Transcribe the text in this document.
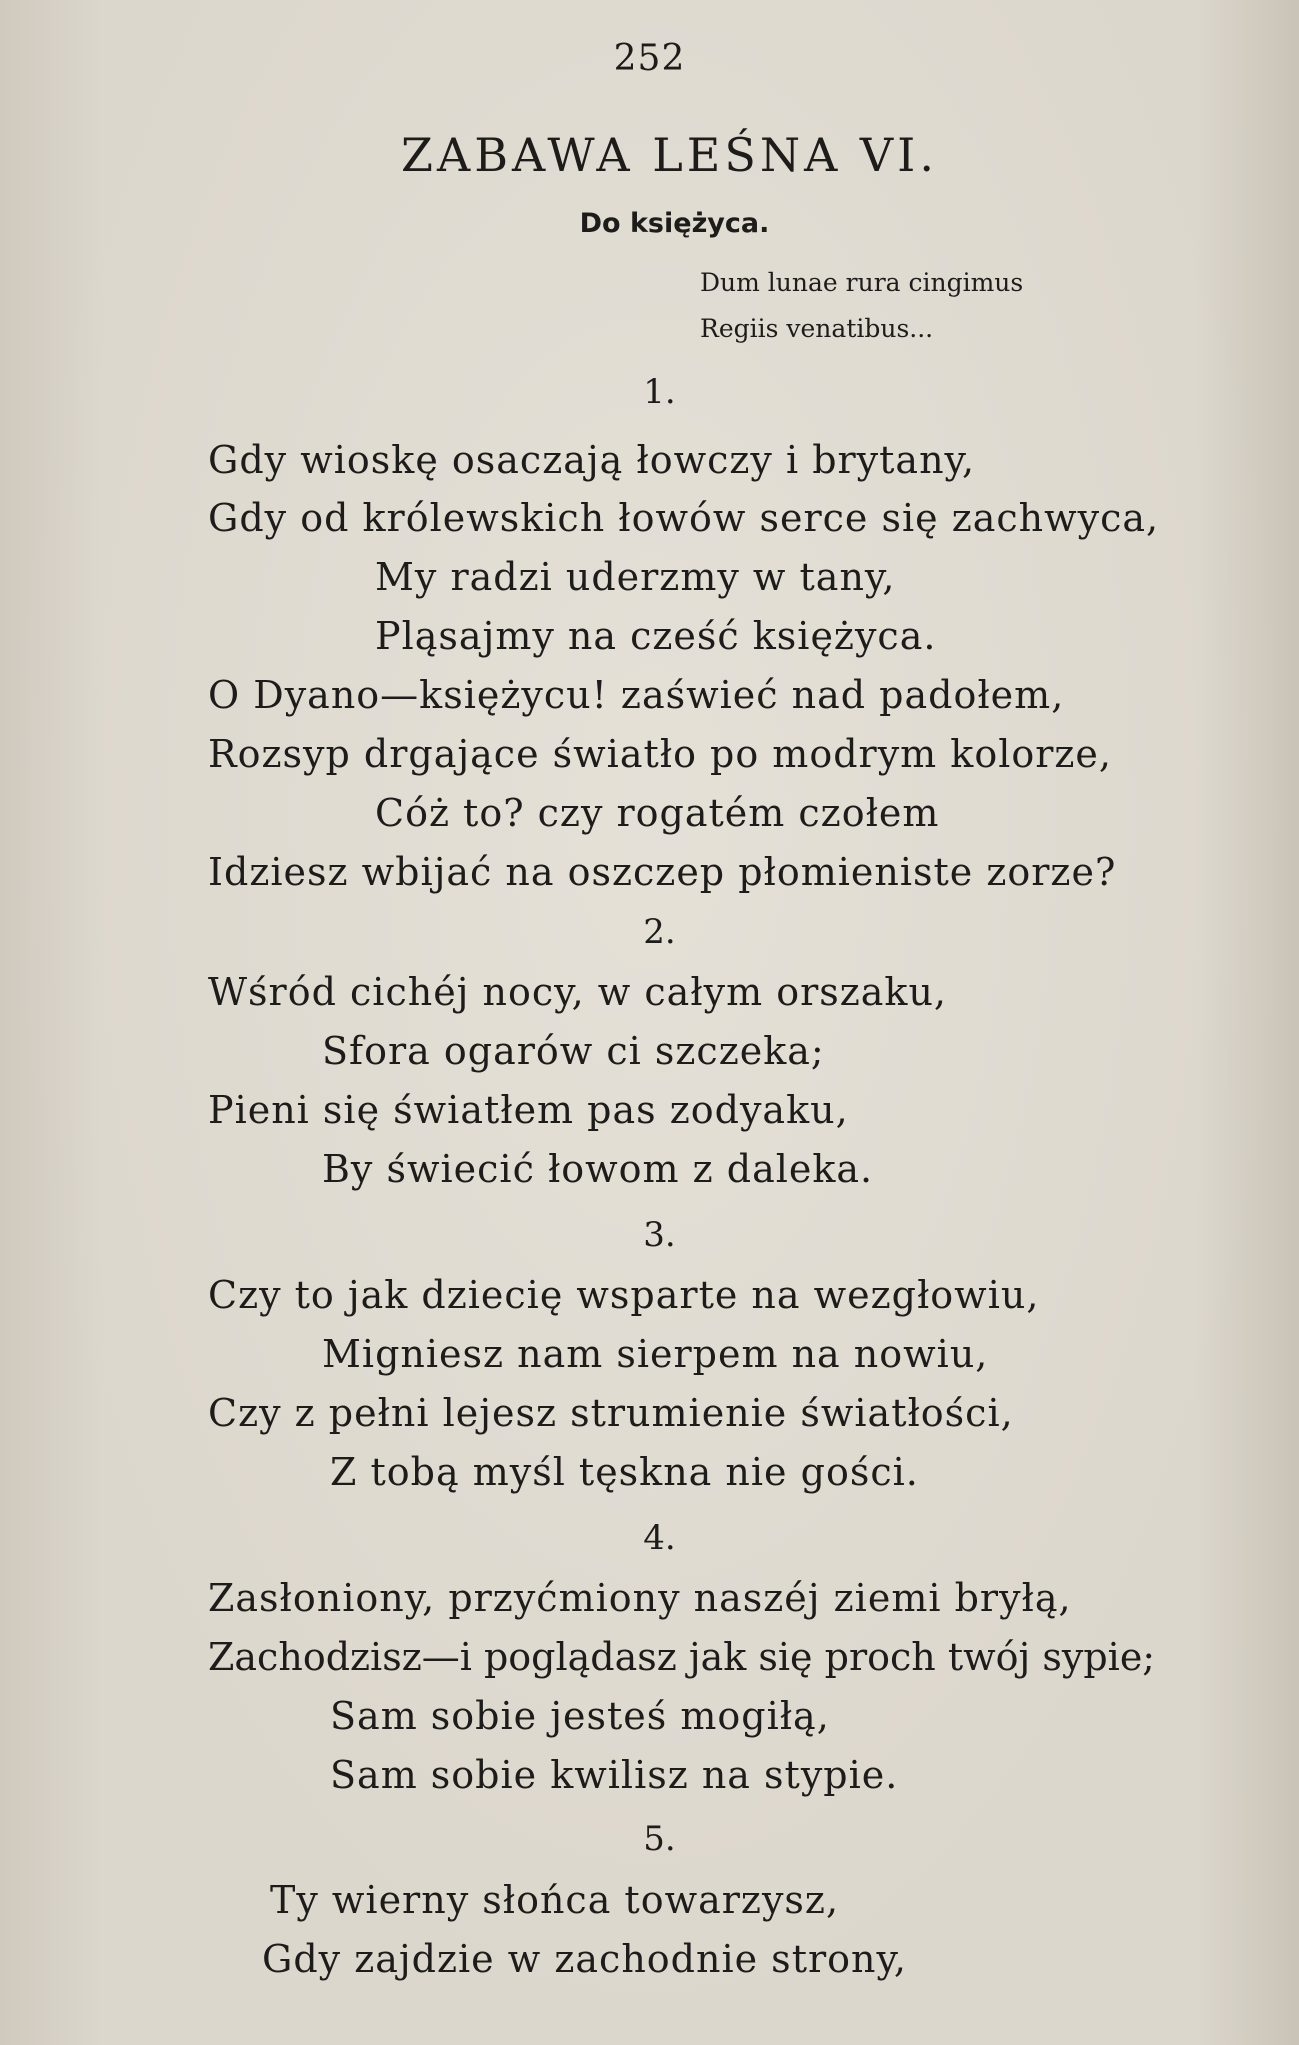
252
ZABAWA LEŚNA VI.
Do księżyca.
Dum lunae rura cingimus
Regiis venatibus...
1.
Gdy wioskę osaczają łowczy i brytany,
Gdy od królewskich łowów serce się zachwyca,
My radzi uderzmy w tany,
Pląsajmy na cześć księżyca.
O Dyano—księżycu! zaświeć nad padołem,
Rozsyp drgające światło po modrym kolorze,
Cóż to? czy rogatém czołem
Idziesz wbijać na oszczep płomieniste zorze?
2.
Wśród cichéj nocy, w całym orszaku,
Sfora ogarów ci szczeka;
Pieni się światłem pas zodyaku,
By świecić łowom z daleka.
3.
Czy to jak dziecię wsparte na wezgłowiu,
Migniesz nam sierpem na nowiu,
Czy z pełni lejesz strumienie światłości,
Z tobą myśl tęskna nie gości.
4.
Zasłoniony, przyćmiony naszéj ziemi bryłą,
Zachodzisz—i poglądasz jak się proch twój sypie;
Sam sobie jesteś mogiłą,
Sam sobie kwilisz na stypie.
5.
Ty wierny słońca towarzysz,
Gdy zajdzie w zachodnie strony,
